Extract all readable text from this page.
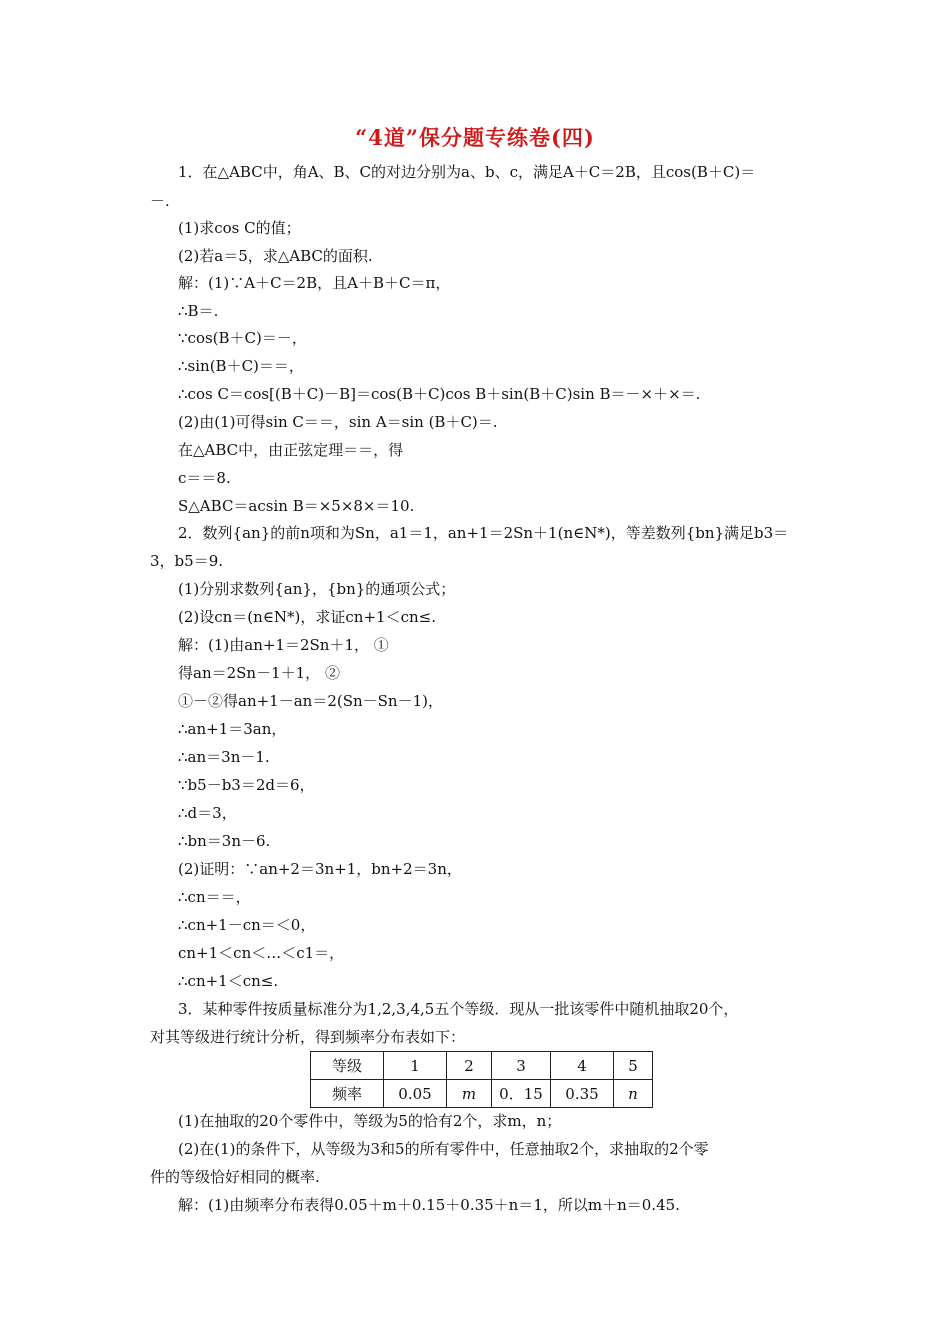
“4道”保分题专练卷(四)
1．在△ABC中，角A、B、C的对边分别为a、b、c，满足A＋C＝2B，且cos(B＋C)＝
－.
(1)求cos C的值；
(2)若a＝5，求△ABC的面积.
解：(1)∵A＋C＝2B，且A＋B＋C＝π，
∴B＝.
∵cos(B＋C)＝－，
∴sin(B＋C)＝＝，
∴cos C＝cos[(B＋C)－B]＝cos(B＋C)cos B＋sin(B＋C)sin B＝－×＋×＝.
(2)由(1)可得sin C＝＝，sin A＝sin (B＋C)＝.
在△ABC中，由正弦定理＝＝，得
c＝＝8.
S△ABC＝acsin B＝×5×8×＝10.
2．数列{an}的前n项和为Sn，a1＝1，an+1＝2Sn＋1(n∈N*)，等差数列{bn}满足b3＝
3，b5＝9.
(1)分别求数列{an}，{bn}的通项公式；
(2)设cn＝(n∈N*)，求证cn+1＜cn≤.
解：(1)由an+1＝2Sn＋1， ①
得an＝2Sn－1＋1， ②
①－②得an+1－an＝2(Sn－Sn－1)，
∴an+1＝3an，
∴an＝3n－1.
∵b5－b3＝2d＝6，
∴d＝3，
∴bn＝3n－6.
(2)证明：∵an+2＝3n+1，bn+2＝3n，
∴cn＝＝，
∴cn+1－cn＝＜0，
cn+1＜cn＜…＜c1＝，
∴cn+1＜cn≤.
3．某种零件按质量标准分为1,2,3,4,5五个等级．现从一批该零件中随机抽取20个，
对其等级进行统计分析，得到频率分布表如下：
等级	1	2	3	4	5
频率	0.05	m	0．15	0.35	n
(1)在抽取的20个零件中，等级为5的恰有2个，求m，n；
(2)在(1)的条件下，从等级为3和5的所有零件中，任意抽取2个，求抽取的2个零
件的等级恰好相同的概率.
解：(1)由频率分布表得0.05＋m＋0.15＋0.35＋n＝1，所以m＋n＝0.45.
